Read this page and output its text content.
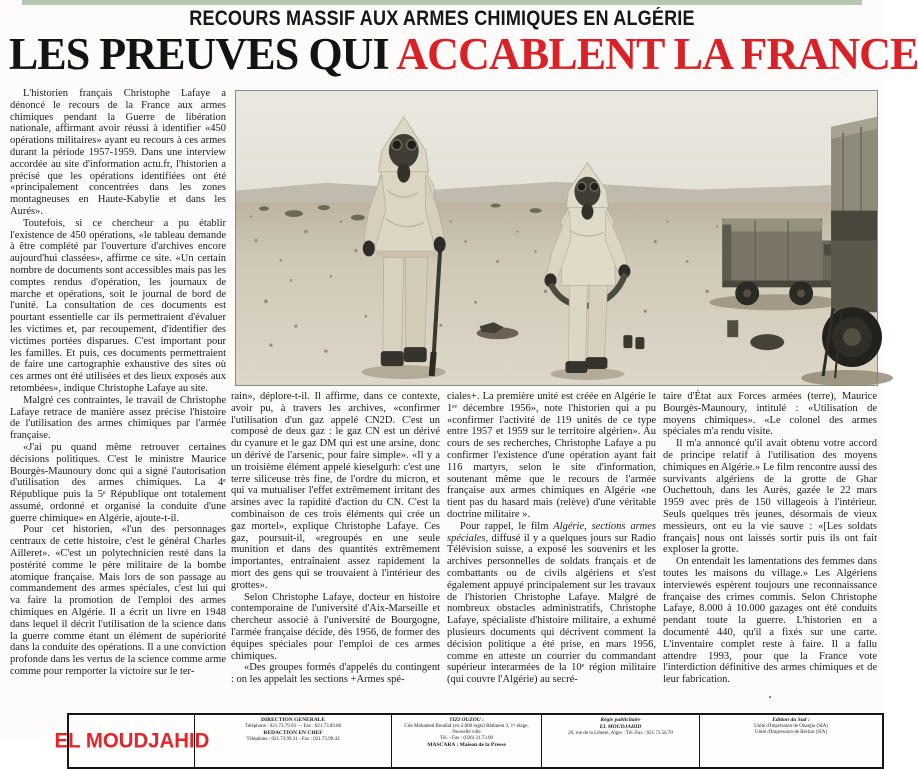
RECOURS MASSIF AUX ARMES CHIMIQUES EN ALGÉRIE
LES PREUVES QUI ACCABLENT LA FRANCE

L'historien français Christophe Lafaye a dénoncé le recours de la France aux armes chimiques pendant la Guerre de libération nationale, affirmant avoir réussi à identifier «450 opérations militaires» ayant eu recours à ces armes durant la période 1957-1959. Dans une interview accordée au site d'information actu.fr, l'historien a précisé que les opérations identifiées ont été «principalement concentrées dans les zones montagneuses en Haute-Kabylie et dans les Aurés».

Toutefois, si ce chercheur a pu établir l'existence de 450 opérations, «le tableau demande à être complété par l'ouverture d'archives encore aujourd'hui classées», affirme ce site. «Un certain nombre de documents sont accessibles mais pas les comptes rendus d'opération, les journaux de marche et opérations, soit le journal de bord de l'unité. La consultation de ces documents est pourtant essentielle car ils permettraient d'évaluer les victimes et, par recoupement, d'identifier des victimes portées disparues. C'est important pour les familles. Et puis, ces documents permettraient de faire une cartographie exhaustive des sites où ces armes ont été utilisées et des lieux exposés aux retombées», indique Christophe Lafaye au site.

Malgré ces contraintes, le travail de Christophe Lafaye retrace de manière assez précise l'histoire de l'utilisation des armes chimiques par l'armée française.

«J'ai pu quand même retrouver certaines décisions politiques. C'est le ministre Maurice Bourgès-Maunoury donc qui a signé l'autorisation d'utilisation des armes chimiques. La 4ᵉ République puis la 5ᵉ République ont totalement assumé, ordonné et organisé la conduite d'une guerre chimique» en Algérie, ajoute-t-il.

Pour cet historien, «l'un des personnages centraux de cette histoire, c'est le général Charles Ailleret». «C'est un polytechnicien resté dans la postérité comme le père militaire de la bombe atomique française. Mais lors de son passage au commandement des armes spéciales, c'est lui qui va faire la promotion de l'emploi des armes chimiques en Algérie. Il a écrit un livre en 1948 dans lequel il décrit l'utilisation de la science dans la guerre comme étant un élément de supériorité dans la conduite des opérations. Il a une conviction profonde dans les vertus de la science comme arme comme pour remporter la victoire sur le ter-

rain», déplore-t-il. Il affirme, dans ce contexte, avoir pu, à travers les archives, «confirmer l'utilisation d'un gaz appelé CN2D. C'est un composé de deux gaz : le gaz CN est un dérivé du cyanure et le gaz DM qui est une arsine, donc un dérivé de l'arsenic, pour faire simple». «Il y a un troisième élément appelé kieselgurh: c'est une terre siliceuse très fine, de l'ordre du micron, et qui va mutualiser l'effet extrêmement irritant des arsines avec la rapidité d'action du CN. C'est la combinaison de ces trois éléments qui crée un gaz mortel», explique Christophe Lafaye. Ces gaz, poursuit-il, «regroupés en une seule munition et dans des quantités extrêmement importantes, entraînaient assez rapidement la mort des gens qui se trouvaient à l'intérieur des grottes».

Selon Christophe Lafaye, docteur en histoire contemporaine de l'université d'Aix-Marseille et chercheur associé à l'université de Bourgogne, l'armée française décide, dès 1956, de former des équipes spéciales pour l'emploi de ces armes chimiques.

«Des groupes formés d'appelés du contingent : on les appelait les sections +Armes spé-

ciales+. La première unité est créée en Algérie le 1ᵉʳ décembre 1956», note l'historien qui a pu «confirmer l'activité de 119 unités de ce type entre 1957 et 1959 sur le territoire algérien». Au cours de ses recherches, Christophe Lafaye a pu confirmer l'existence d'une opération ayant fait 116 martyrs, selon le site d'information, soutenant même que le recours de l'armée française aux armes chimiques en Algérie «ne tient pas du hasard mais (relève) d'une véritable doctrine militaire ».

Pour rappel, le film Algérie, sections armes spéciales, diffusé il y a quelques jours sur Radio Télévision suisse, a exposé les souvenirs et les archives personnelles de soldats français et de combattants ou de civils algériens et s'est également appuyé principalement sur les travaux de l'historien Christophe Lafaye. Malgré de nombreux obstacles administratifs, Christophe Lafaye, spécialiste d'histoire militaire, a exhumé plusieurs documents qui décrivent comment la décision politique a été prise, en mars 1956, comme en atteste un courrier du commandant supérieur interarmées de la 10ᵉ région militaire (qui couvre l'Algérie) au secré-

taire d'État aux Forces armées (terre), Maurice Bourgès-Maunoury, intitulé : «Utilisation de moyens chimiques». «Le colonel des armes spéciales m'a rendu visite.

Il m'a annoncé qu'il avait obtenu votre accord de principe relatif à l'utilisation des moyens chimiques en Algérie.» Le film rencontre aussi des survivants algériens de la grotte de Ghar Ouchettouh, dans les Aurès, gazée le 22 mars 1959 avec près de 150 villageois à l'intérieur. Seuls quelques très jeunes, désormais de vieux messieurs, ont eu la vie sauve : «[Les soldats français] nous ont laissés sortir puis ils ont fait exploser la grotte.

On entendait les lamentations des femmes dans toutes les maisons du village.» Les Algériens interviewés espèrent toujours une reconnaissance française des crimes commis. Selon Christophe Lafaye, 8.000 à 10.000 gazages ont été conduits pendant toute la guerre. L'historien en a documenté 440, qu'il a fixés sur une carte. L'inventaire complet reste à faire. Il a fallu attendre 1993, pour que la France vote l'interdiction définitive des armes chimiques et de leur fabrication.

.

EL MOUDJAHID
DIRECTION GENERALE
Téléphone : 021.73.79.93 — Fax : 021.73.89.80
REDACTION EN CHEF
Téléphone : 021.73.99.31 - Fax : 021.73.99.43
TIZI OUZOU :
Cité Mohamed Boudiaf (ex-2.000 logts) Bâtiment 3, 1ᵉʳ étage, Nouvelle ville
Tél. - Fax : (026) 21.73.00
MASCARA : Maison de la Presse
Régie publicitaire
EL MOUDJAHID
20, rue de la Liberté, Alger : Tél./Fax : 021.73.56.70
Edition du Sud :
Unité d'Impression de Ouargla (SIA)
Unité d'Impression de Béchar (SIA)
